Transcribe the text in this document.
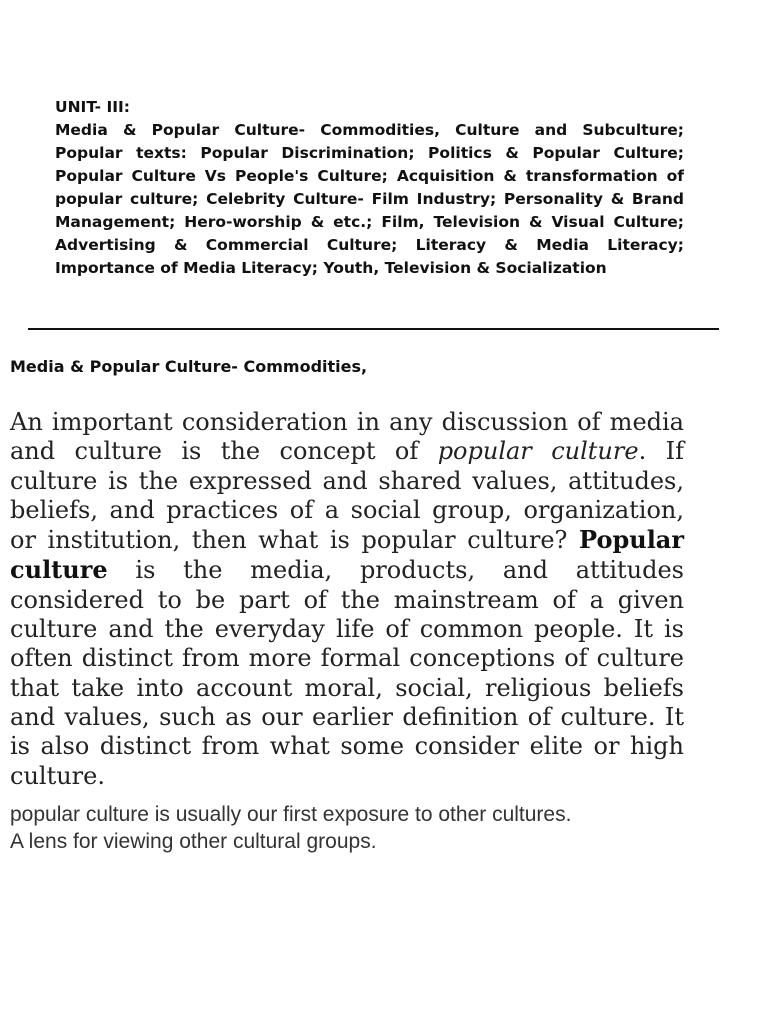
UNIT- III:

Media & Popular Culture- Commodities, Culture and Subculture; Popular texts: Popular Discrimination; Politics & Popular Culture; Popular Culture Vs People's Culture; Acquisition & transformation of popular culture; Celebrity Culture- Film Industry; Personality & Brand Management; Hero-worship & etc.; Film, Television & Visual Culture; Advertising & Commercial Culture; Literacy & Media Literacy; Importance of Media Literacy; Youth, Television & Socialization

Media & Popular Culture- Commodities,

An important consideration in any discussion of media and culture is the concept of popular culture. If culture is the expressed and shared values, attitudes, beliefs, and practices of a social group, organization, or institution, then what is popular culture? Popular culture is the media, products, and attitudes considered to be part of the mainstream of a given culture and the everyday life of common people. It is often distinct from more formal conceptions of culture that take into account moral, social, religious beliefs and values, such as our earlier definition of culture. It is also distinct from what some consider elite or high culture.

popular culture is usually our first exposure to other cultures.
A lens for viewing other cultural groups.
